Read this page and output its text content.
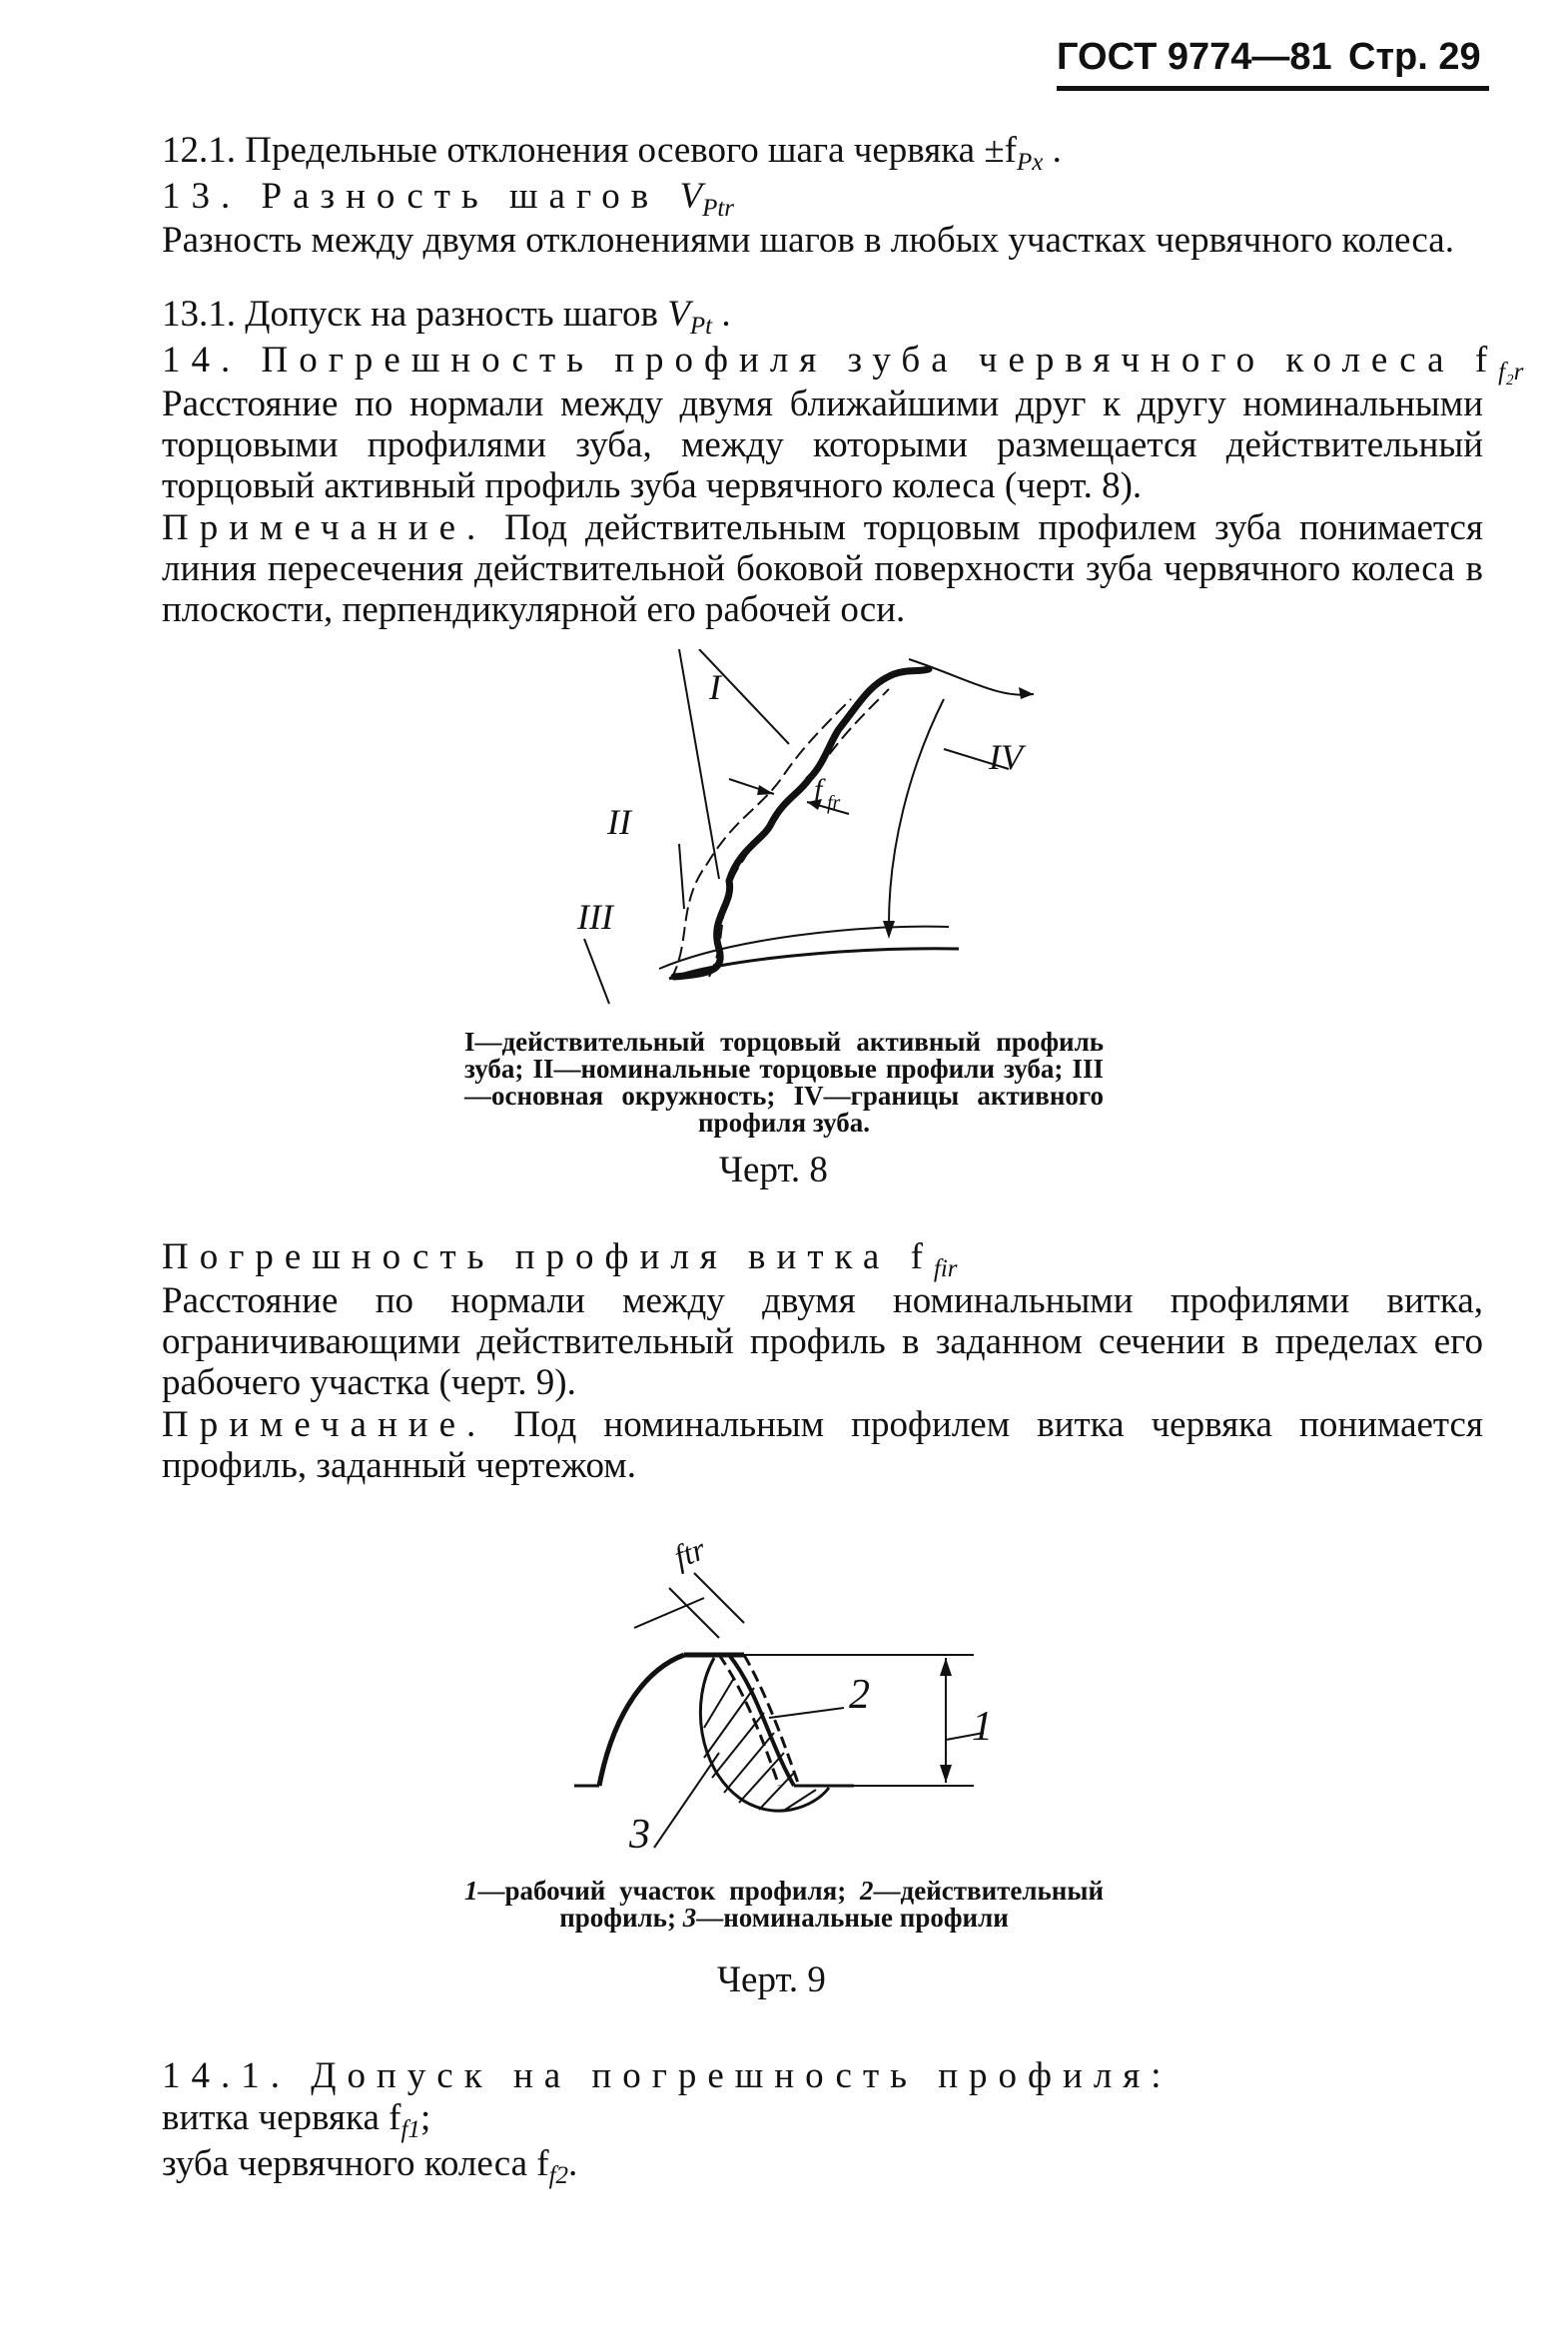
ГОСТ 9774—81 Стр. 29
12.1. Предельные отклонения осевого шага червяка $\pm f_{Px}$ .
13. Разность шагов $V_{Ptr}$
Разность между двумя отклонениями шагов в любых участках червячного колеса.
13.1. Допуск на разность шагов $V_{Pt}$ .
14. Погрешность профиля зуба червячного колеса $f_{f_2r}$
Расстояние по нормали между двумя ближайшими друг к другу номинальными торцовыми профилями зуба, между которыми размещается действительный торцовый активный профиль зуба червячного колеса (черт. 8).
Примечание. Под действительным торцовым профилем зуба понимается линия пересечения действительной боковой поверхности зуба червячного колеса в плоскости, перпендикулярной его рабочей оси.
I
II
III
IV
f fr
I—действительный торцовый активный профиль зуба; II—номинальные торцовые профили зуба; III—основная окружность; IV—границы активного профиля зуба.
Черт. 8
Погрешность профиля витка $f_{fir}$
Расстояние по нормали между двумя номинальными профилями витка, ограничивающими действительный профиль в заданном сечении в пределах его рабочего участка (черт. 9).
Примечание. Под номинальным профилем витка червяка понимается профиль, заданный чертежом.
ftr
1
2
3
1—рабочий участок профиля; 2—действительный профиль; 3—номинальные профили
Черт. 9
14.1. Допуск на погрешность профиля:
витка червяка $f_{f1}$;
зуба червячного колеса $f_{f2}$.
